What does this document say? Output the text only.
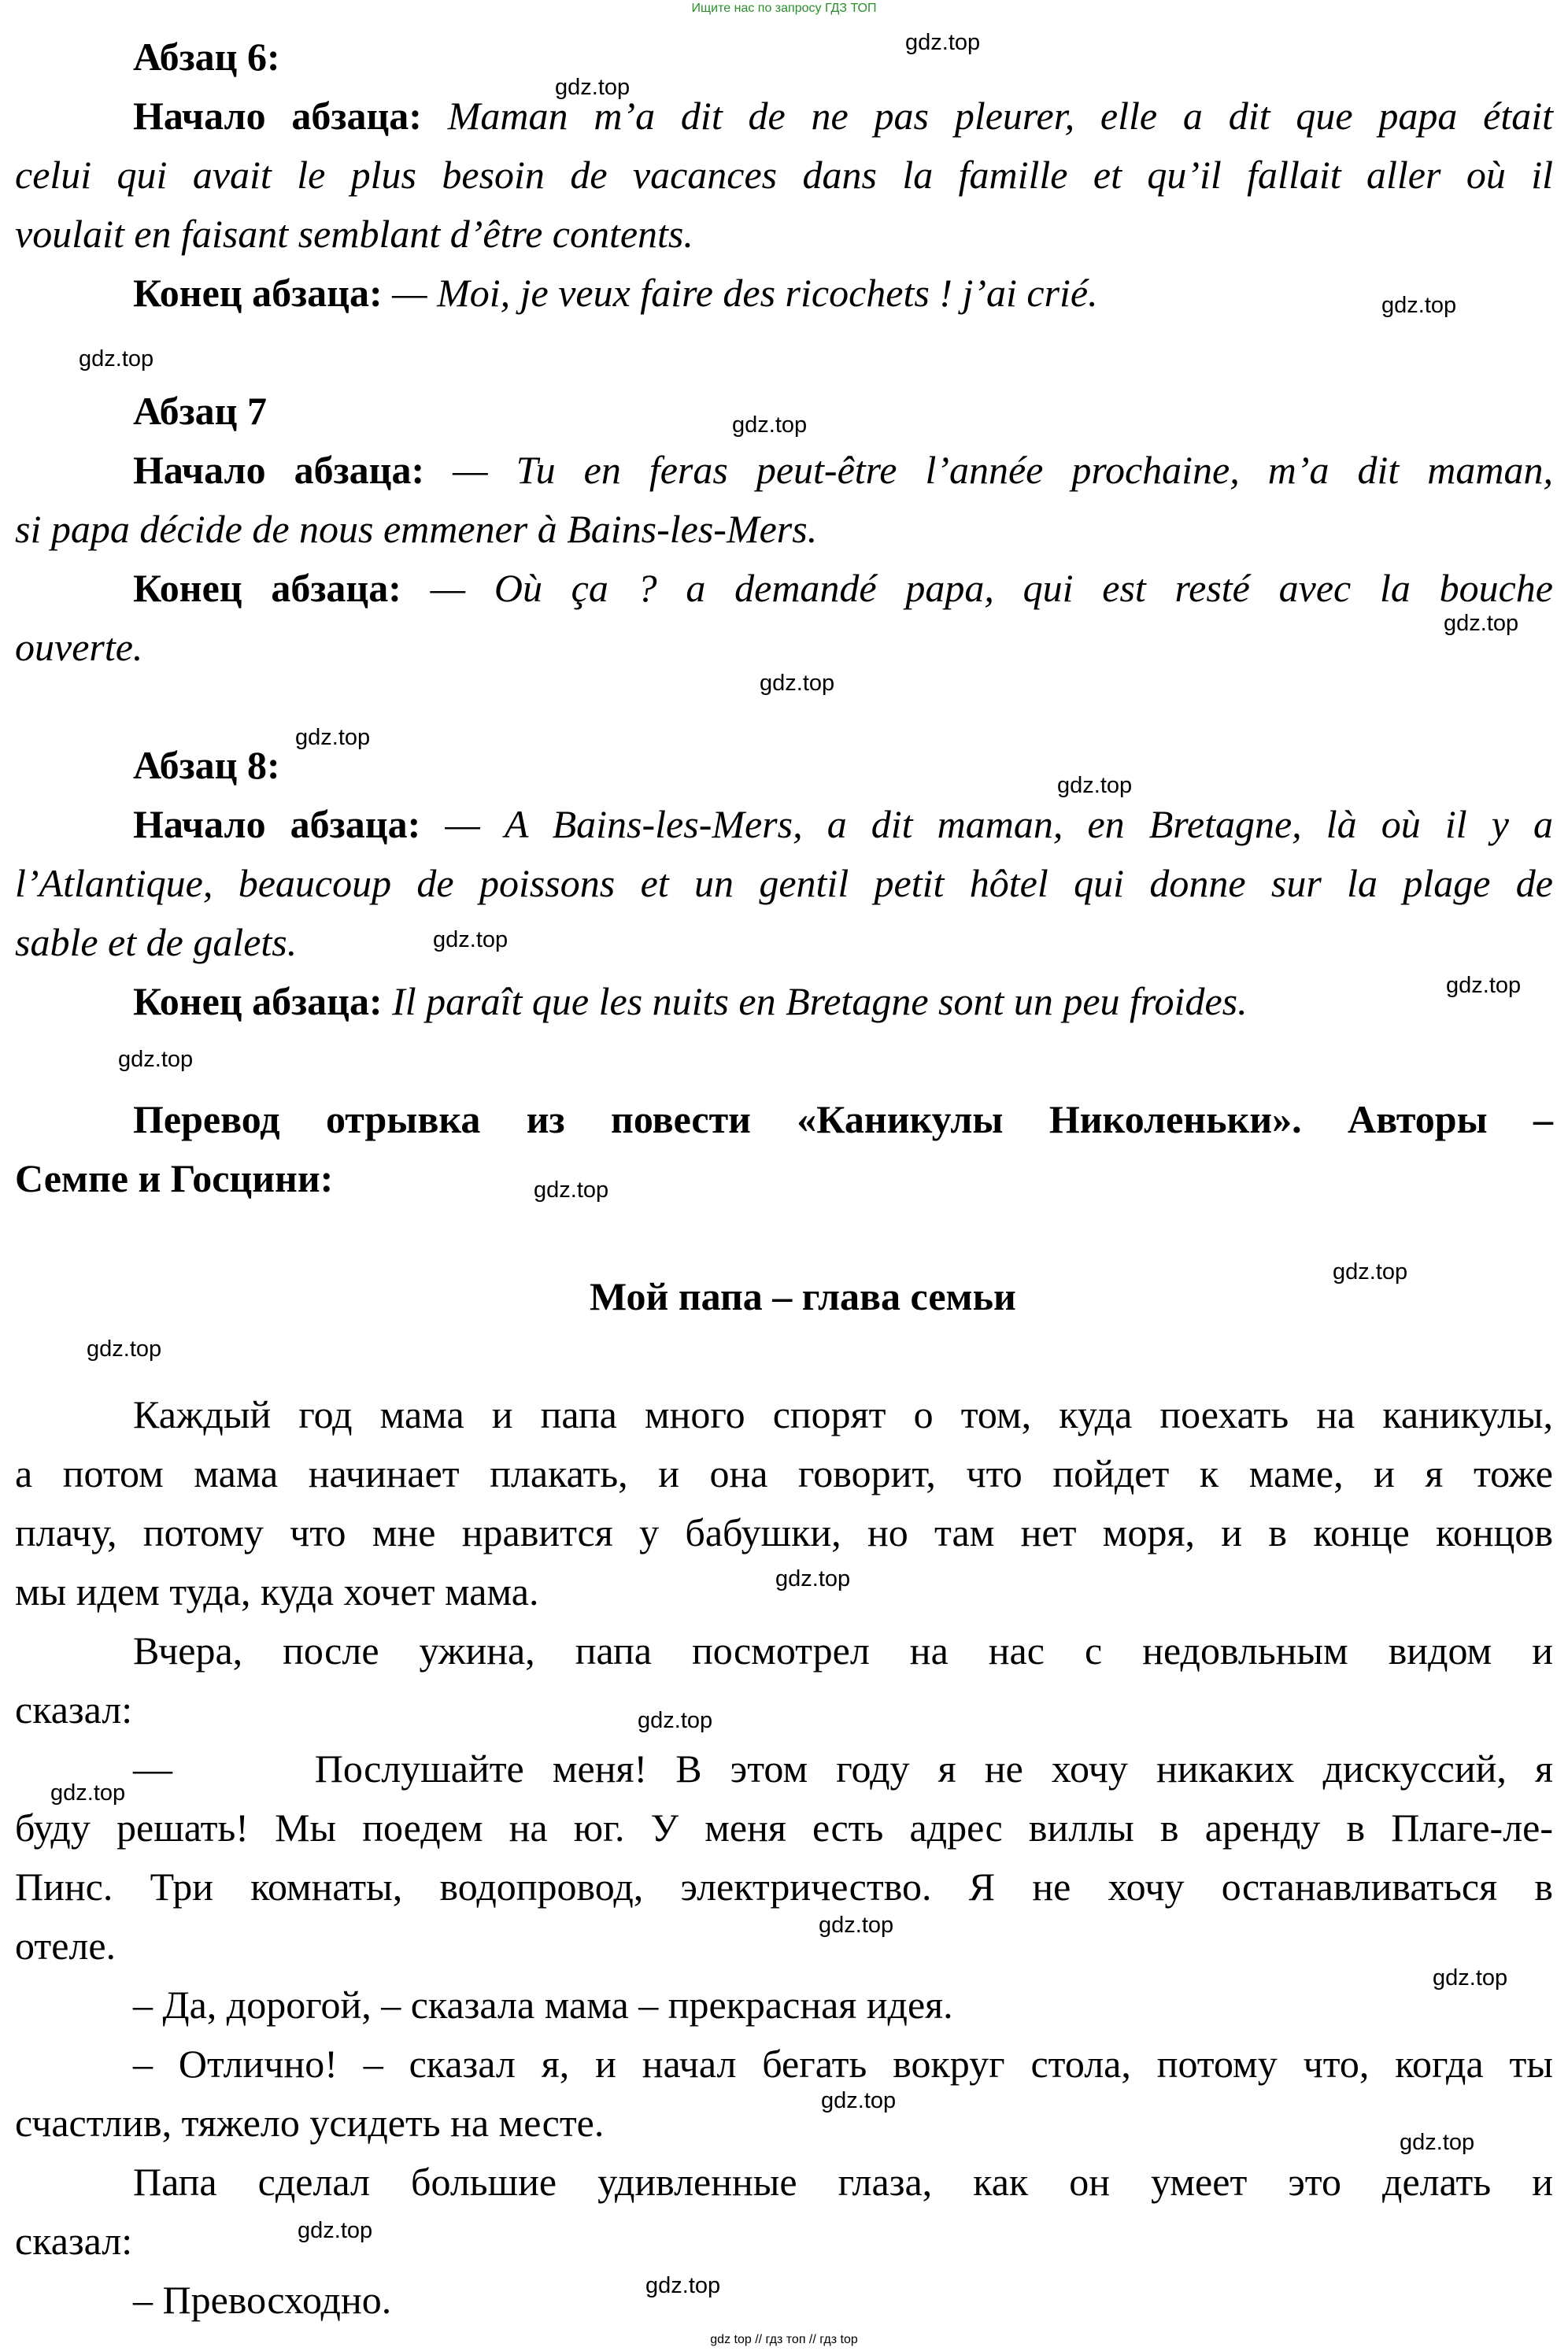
Ищите нас по запросу ГДЗ ТОП
Абзац 6:
Начало абзаца: Maman m’a dit de ne pas pleurer, elle a dit que papa était
celui qui avait le plus besoin de vacances dans la famille et qu’il fallait aller où il
voulait en faisant semblant d’être contents.
Конец абзаца: — Moi, je veux faire des ricochets ! j’ai crié.
Абзац 7
Начало абзаца: — Tu en feras peut-être l’année prochaine, m’a dit maman,
si papa décide de nous emmener à Bains-les-Mers.
Конец абзаца: — Où ça ? a demandé papa, qui est resté avec la bouche
ouverte.
Абзац 8:
Начало абзаца: — A Bains-les-Mers, a dit maman, en Bretagne, là où il y a
l’Atlantique, beaucoup de poissons et un gentil petit hôtel qui donne sur la plage de
sable et de galets.
Конец абзаца: Il paraît que les nuits en Bretagne sont un peu froides.
Перевод отрывка из повести «Каникулы Николеньки». Авторы –
Семпе и Госцини:
Мой папа – глава семьи
Каждый год мама и папа много спорят о том, куда поехать на каникулы,
а потом мама начинает плакать, и она говорит, что пойдет к маме, и я тоже
плачу, потому что мне нравится у бабушки, но там нет моря, и в конце концов
мы идем туда, куда хочет мама.
Вчера, после ужина, папа посмотрел на нас с недовльным видом и
сказал:
—     Послушайте меня! В этом году я не хочу никаких дискуссий, я
буду решать! Мы поедем на юг. У меня есть адрес виллы в аренду в Плаге-ле-
Пинс. Три комнаты, водопровод, электричество. Я не хочу останавливаться в
отеле.
– Да, дорогой, – сказала мама – прекрасная идея.
– Отлично! – сказал я, и начал бегать вокруг стола, потому что, когда ты
счастлив, тяжело усидеть на месте.
Папа сделал большие удивленные глаза, как он умеет это делать и
сказал:
– Превосходно.
gdz.top
gdz.top
gdz.top
gdz.top
gdz.top
gdz.top
gdz.top
gdz.top
gdz.top
gdz.top
gdz.top
gdz.top
gdz.top
gdz.top
gdz.top
gdz.top
gdz.top
gdz.top
gdz.top
gdz.top
gdz.top
gdz.top
gdz.top
gdz.top
gdz top // гдз топ // гдз top
